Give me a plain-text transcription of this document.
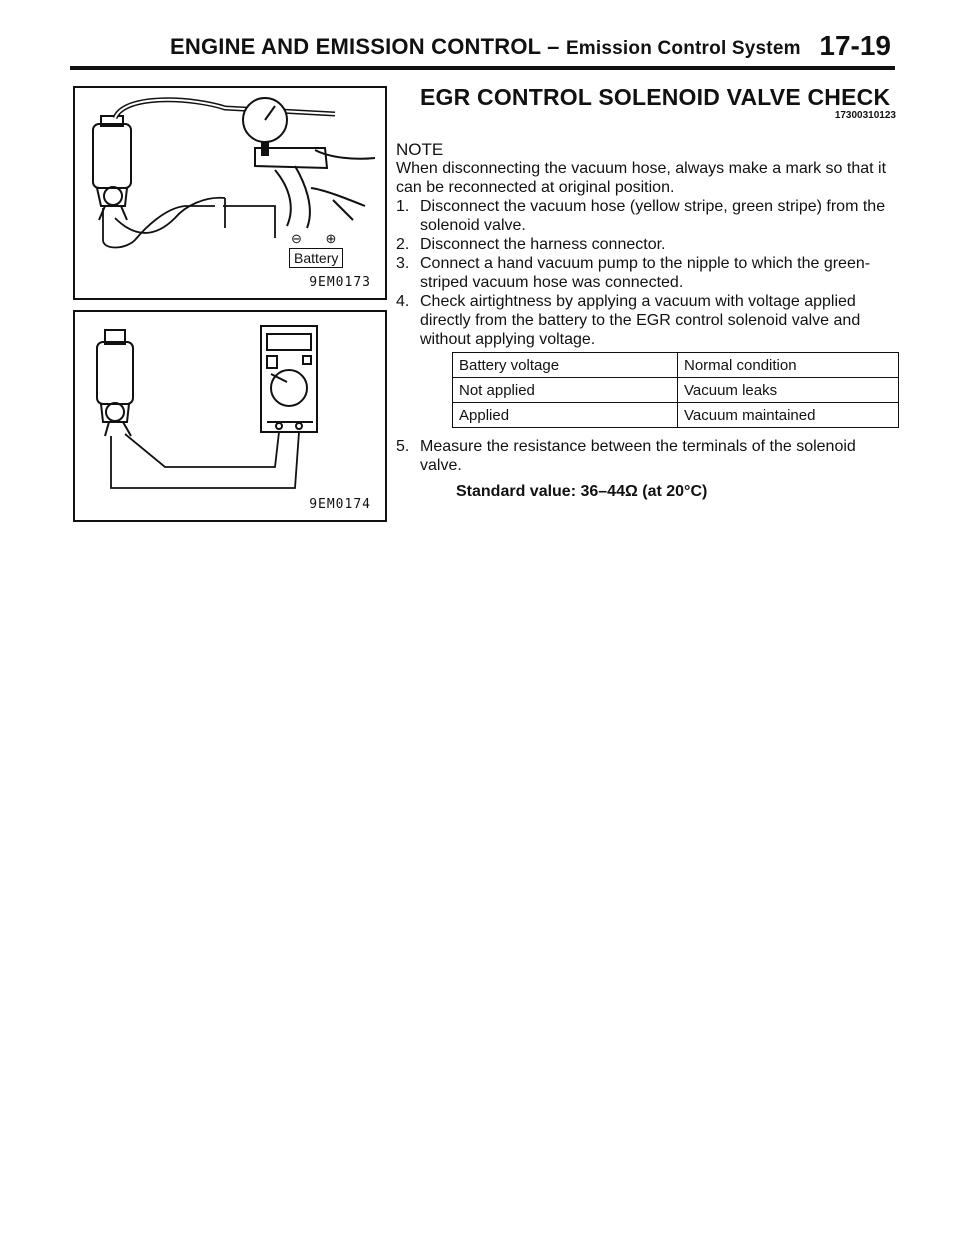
ENGINE AND EMISSION CONTROL – Emission Control System 17-19
⊖ ⊕
Battery
9EM0173
9EM0174
EGR CONTROL SOLENOID VALVE CHECK
17300310123
NOTE
When disconnecting the vacuum hose, always make a mark so that it can be reconnected at original position.
1. Disconnect the vacuum hose (yellow stripe, green stripe) from the solenoid valve.
2. Disconnect the harness connector.
3. Connect a hand vacuum pump to the nipple to which the green-striped vacuum hose was connected.
4. Check airtightness by applying a vacuum with voltage applied directly from the battery to the EGR control solenoid valve and without applying voltage.
Battery voltage	Normal condition
Not applied	Vacuum leaks
Applied	Vacuum maintained
5. Measure the resistance between the terminals of the solenoid valve.
Standard value: 36–44Ω (at 20°C)
